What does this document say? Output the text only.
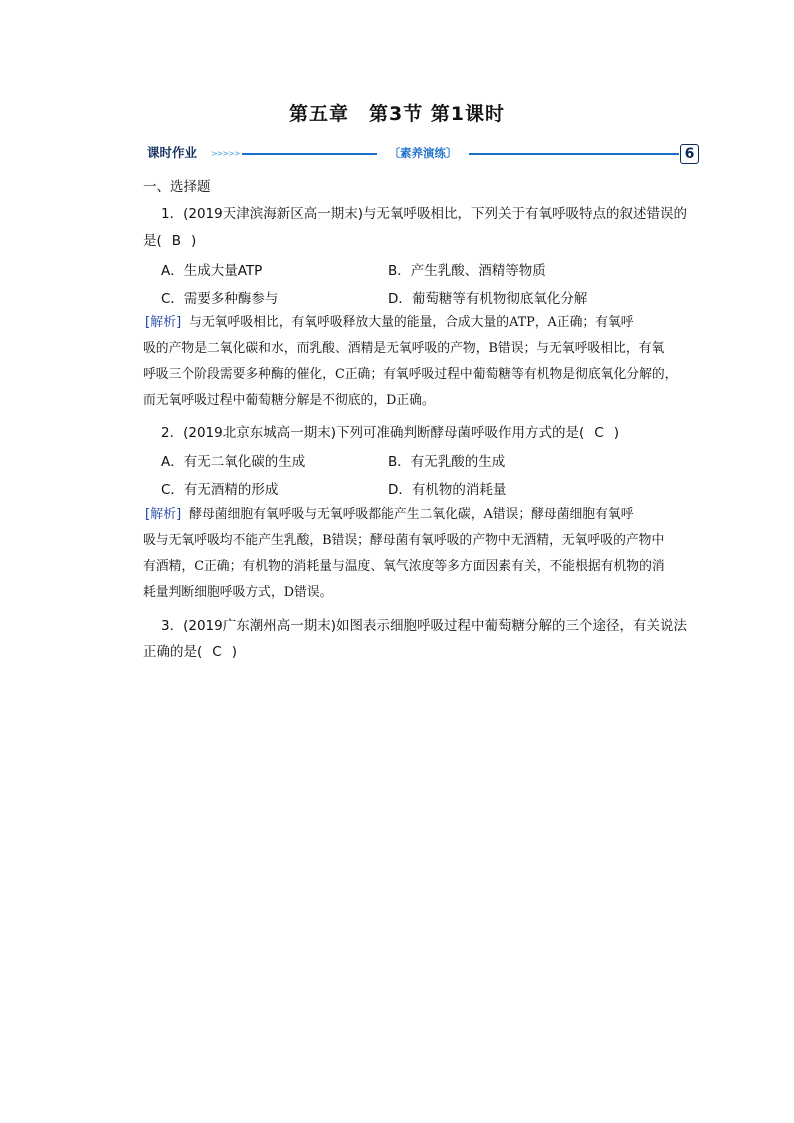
第五章　第3节 第1课时
课时作业	>>>>>	〔素养演练〕	6
一、选择题
1．(2019天津滨海新区高一期末)与无氧呼吸相比，下列关于有氧呼吸特点的叙述错误的
是( B )
A．生成大量ATP	B．产生乳酸、酒精等物质
C．需要多种酶参与	D．葡萄糖等有机物彻底氧化分解
[解析] 与无氧呼吸相比，有氧呼吸释放大量的能量，合成大量的ATP，A正确；有氧呼
吸的产物是二氧化碳和水，而乳酸、酒精是无氧呼吸的产物，B错误；与无氧呼吸相比，有氧
呼吸三个阶段需要多种酶的催化，C正确；有氧呼吸过程中葡萄糖等有机物是彻底氧化分解的，
而无氧呼吸过程中葡萄糖分解是不彻底的，D正确。
2．(2019北京东城高一期末)下列可准确判断酵母菌呼吸作用方式的是( C )
A．有无二氧化碳的生成	B．有无乳酸的生成
C．有无酒精的形成	D．有机物的消耗量
[解析] 酵母菌细胞有氧呼吸与无氧呼吸都能产生二氧化碳，A错误；酵母菌细胞有氧呼
吸与无氧呼吸均不能产生乳酸，B错误；酵母菌有氧呼吸的产物中无酒精，无氧呼吸的产物中
有酒精，C正确；有机物的消耗量与温度、氧气浓度等多方面因素有关，不能根据有机物的消
耗量判断细胞呼吸方式，D错误。
3．(2019广东潮州高一期末)如图表示细胞呼吸过程中葡萄糖分解的三个途径，有关说法
正确的是( C )
